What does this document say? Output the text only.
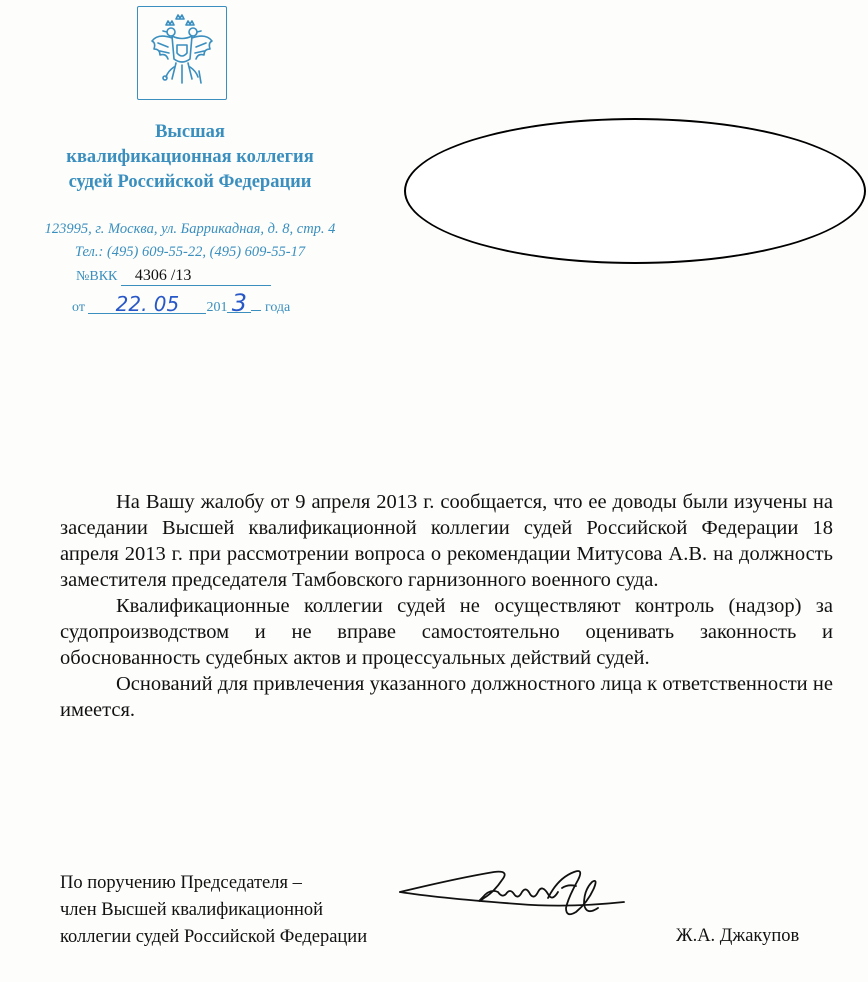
Высшая
квалификационная коллегия
судей Российской Федерации

123995, г. Москва, ул. Баррикадная, д. 8, стр. 4
Тел.: (495) 609-55-22, (495) 609-55-17
№ВКК 4306 /13
от 22. 05 201 3 года

На Вашу жалобу от 9 апреля 2013 г. сообщается, что ее доводы были изучены на заседании Высшей квалификационной коллегии судей Российской Федерации 18 апреля 2013 г. при рассмотрении вопроса о рекомендации Митусова А.В. на должность заместителя председателя Тамбовского гарнизонного военного суда.

Квалификационные коллегии судей не осуществляют контроль (надзор) за судопроизводством и не вправе самостоятельно оценивать законность и обоснованность судебных актов и процессуальных действий судей.

Оснований для привлечения указанного должностного лица к ответственности не имеется.

По поручению Председателя –
член Высшей квалификационной
коллегии судей Российской Федерации	Ж.А. Джакупов
